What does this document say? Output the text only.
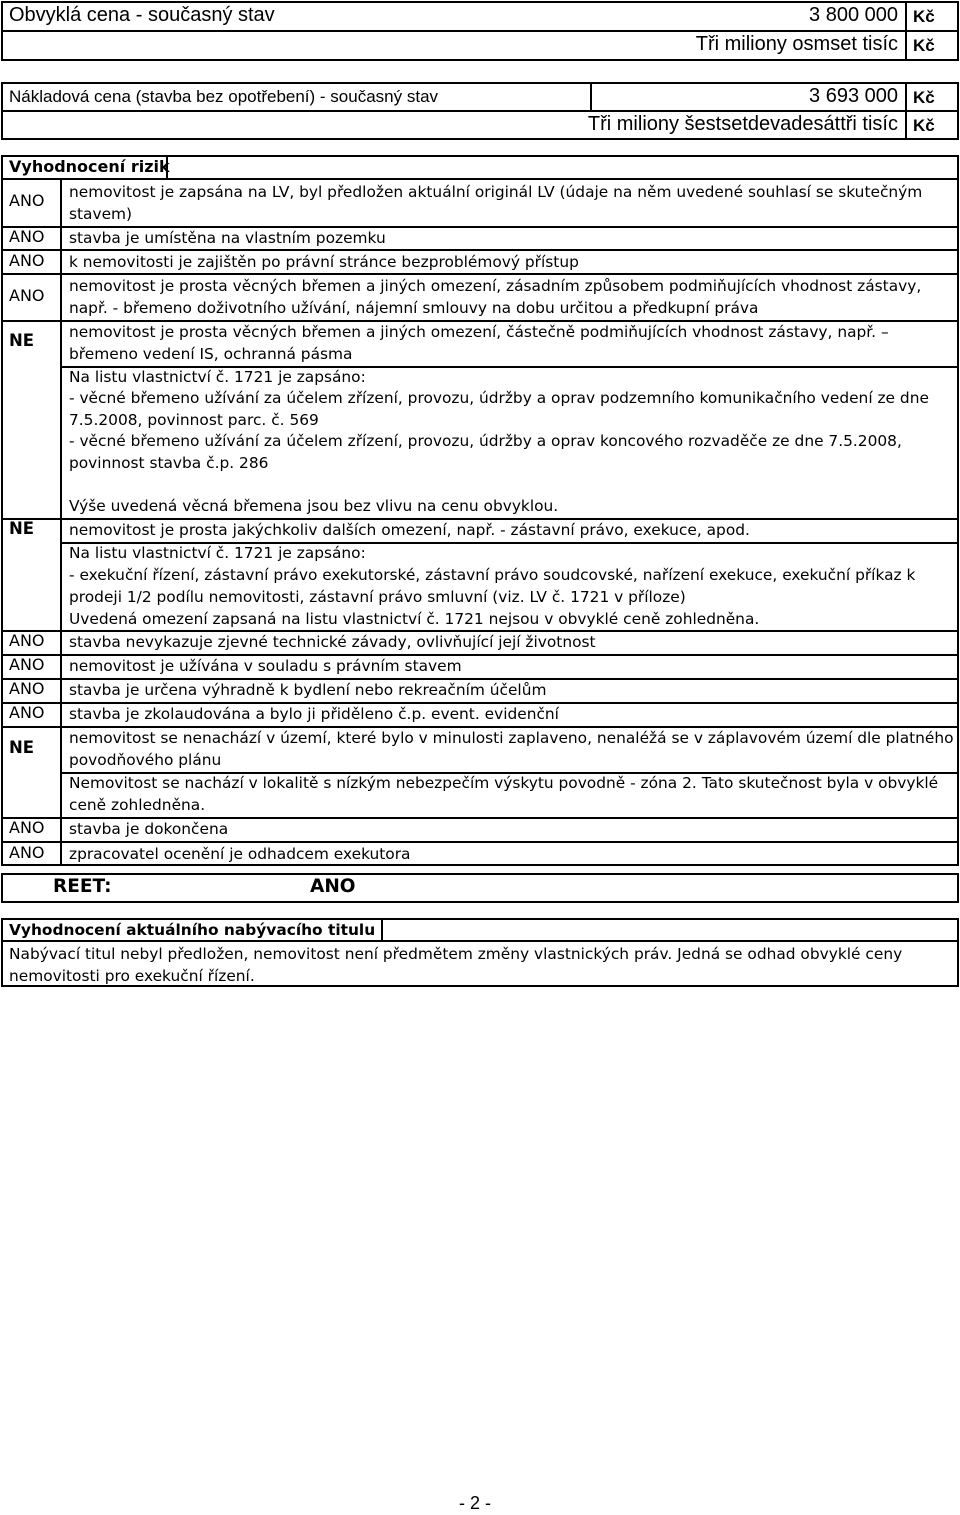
Obvyklá cena - současný stav	3 800 000 Kč
Tři miliony osmset tisíc Kč
Nákladová cena (stavba bez opotřebení) - současný stav	3 693 000 Kč
Tři miliony šestsetdevadesáttři tisíc Kč
Vyhodnocení rizik
ANO nemovitost je zapsána na LV, byl předložen aktuální originál LV (údaje na něm uvedené souhlasí se skutečným
stavem)
ANO stavba je umístěna na vlastním pozemku
ANO k nemovitosti je zajištěn po právní stránce bezproblémový přístup
ANO nemovitost je prosta věcných břemen a jiných omezení, zásadním způsobem podmiňujících vhodnost zástavy,
např. - břemeno doživotního užívání, nájemní smlouvy na dobu určitou a předkupní práva
NE nemovitost je prosta věcných břemen a jiných omezení, částečně podmiňujících vhodnost zástavy, např. –
břemeno vedení IS, ochranná pásma
Na listu vlastnictví č. 1721 je zapsáno:
- věcné břemeno užívání za účelem zřízení, provozu, údržby a oprav podzemního komunikačního vedení ze dne
7.5.2008, povinnost parc. č. 569
- věcné břemeno užívání za účelem zřízení, provozu, údržby a oprav koncového rozvaděče ze dne 7.5.2008,
povinnost stavba č.p. 286
Výše uvedená věcná břemena jsou bez vlivu na cenu obvyklou.
NE nemovitost je prosta jakýchkoliv dalších omezení, např. - zástavní právo, exekuce, apod.
Na listu vlastnictví č. 1721 je zapsáno:
- exekuční řízení, zástavní právo exekutorské, zástavní právo soudcovské, nařízení exekuce, exekuční příkaz k
prodeji 1/2 podílu nemovitosti, zástavní právo smluvní (viz. LV č. 1721 v příloze)
Uvedená omezení zapsaná na listu vlastnictví č. 1721 nejsou v obvyklé ceně zohledněna.
ANO stavba nevykazuje zjevné technické závady, ovlivňující její životnost
ANO nemovitost je užívána v souladu s právním stavem
ANO stavba je určena výhradně k bydlení nebo rekreačním účelům
ANO stavba je zkolaudována a bylo ji přiděleno č.p. event. evidenční
NE nemovitost se nenachází v území, které bylo v minulosti zaplaveno, nenaléžá se v záplavovém území dle platného
povodňového plánu
Nemovitost se nachází v lokalitě s nízkým nebezpečím výskytu povodně - zóna 2. Tato skutečnost byla v obvyklé
ceně zohledněna.
ANO stavba je dokončena
ANO zpracovatel ocenění je odhadcem exekutora
REET:	ANO
Vyhodnocení aktuálního nabývacího titulu
Nabývací titul nebyl předložen, nemovitost není předmětem změny vlastnických práv. Jedná se odhad obvyklé ceny
nemovitosti pro exekuční řízení.
- 2 -
